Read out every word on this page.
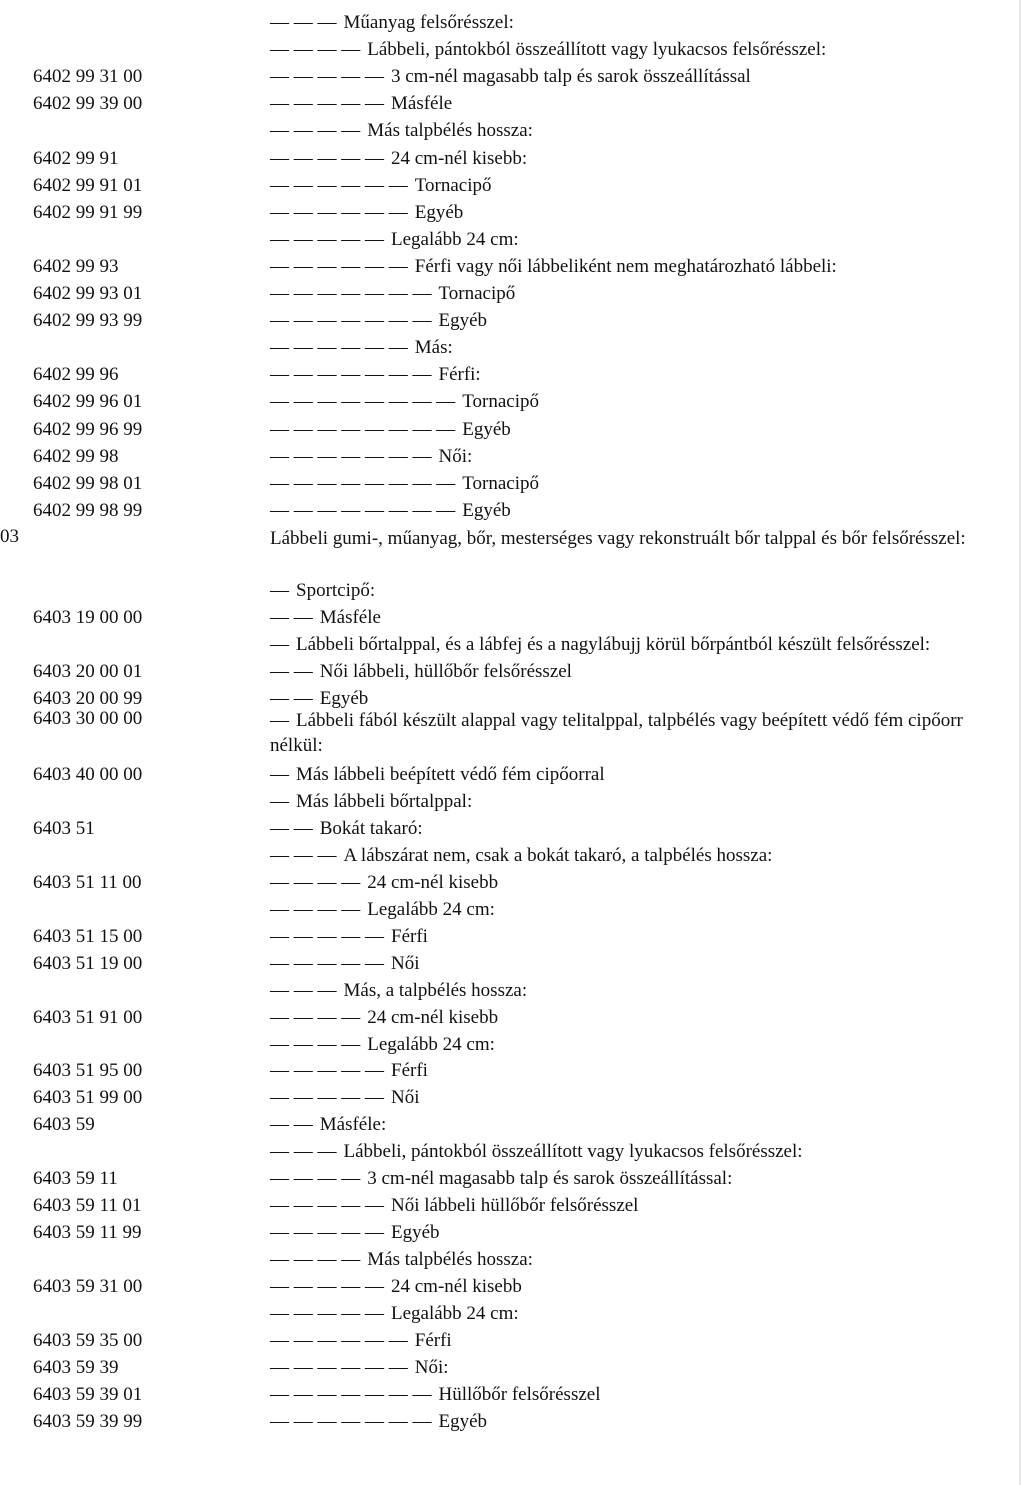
— — — Műanyag felsőrésszel:
— — — — Lábbeli, pántokból összeállított vagy lyukacsos felsőrésszel:
6402 99 31 00	— — — — — 3 cm-nél magasabb talp és sarok összeállítással
6402 99 39 00	— — — — — Másféle
— — — — Más talpbélés hossza:
6402 99 91	— — — — — 24 cm-nél kisebb:
6402 99 91 01	— — — — — — Tornacipő
6402 99 91 99	— — — — — — Egyéb
— — — — — Legalább 24 cm:
6402 99 93	— — — — — — Férfi vagy női lábbeliként nem meghatározható lábbeli:
6402 99 93 01	— — — — — — — Tornacipő
6402 99 93 99	— — — — — — — Egyéb
— — — — — — Más:
6402 99 96	— — — — — — — Férfi:
6402 99 96 01	— — — — — — — — Tornacipő
6402 99 96 99	— — — — — — — — Egyéb
6402 99 98	— — — — — — — Női:
6402 99 98 01	— — — — — — — — Tornacipő
6402 99 98 99	— — — — — — — — Egyéb
03	Lábbeli gumi-, műanyag, bőr, mesterséges vagy rekonstruált bőr talppal és bőr felsőrésszel:
— Sportcipő:
6403 19 00 00	— — Másféle
— Lábbeli bőrtalppal, és a lábfej és a nagylábujj körül bőrpántból készült felsőrésszel:
6403 20 00 01	— — Női lábbeli, hüllőbőr felsőrésszel
6403 20 00 99	— — Egyéb
6403 30 00 00	— Lábbeli fából készült alappal vagy telitalppal, talpbélés vagy beépített védő fém cipőorr nélkül:
6403 40 00 00	— Más lábbeli beépített védő fém cipőorral
— Más lábbeli bőrtalppal:
6403 51	— — Bokát takaró:
— — — A lábszárat nem, csak a bokát takaró, a talpbélés hossza:
6403 51 11 00	— — — — 24 cm-nél kisebb
— — — — Legalább 24 cm:
6403 51 15 00	— — — — — Férfi
6403 51 19 00	— — — — — Női
— — — Más, a talpbélés hossza:
6403 51 91 00	— — — — 24 cm-nél kisebb
— — — — Legalább 24 cm:
6403 51 95 00	— — — — — Férfi
6403 51 99 00	— — — — — Női
6403 59	— — Másféle:
— — — Lábbeli, pántokból összeállított vagy lyukacsos felsőrésszel:
6403 59 11	— — — — 3 cm-nél magasabb talp és sarok összeállítással:
6403 59 11 01	— — — — — Női lábbeli hüllőbőr felsőrésszel
6403 59 11 99	— — — — — Egyéb
— — — — Más talpbélés hossza:
6403 59 31 00	— — — — — 24 cm-nél kisebb
— — — — — Legalább 24 cm:
6403 59 35 00	— — — — — — Férfi
6403 59 39	— — — — — — Női:
6403 59 39 01	— — — — — — — Hüllőbőr felsőrésszel
6403 59 39 99	— — — — — — — Egyéb
